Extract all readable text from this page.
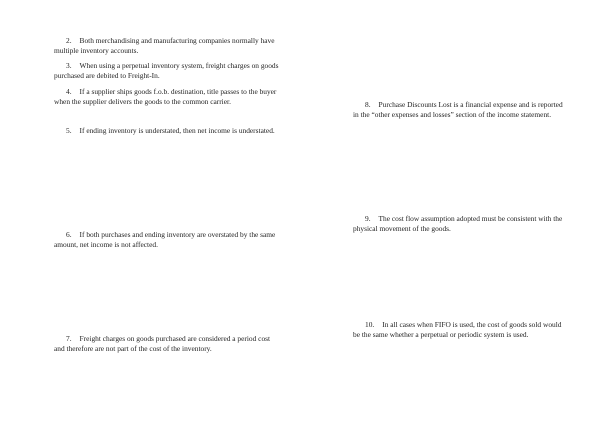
2. Both merchandising and manufacturing companies normally have multiple inventory accounts.

3. When using a perpetual inventory system, freight charges on goods purchased are debited to Freight-In.

4. If a supplier ships goods f.o.b. destination, title passes to the buyer when the supplier delivers the goods to the common carrier.

5. If ending inventory is understated, then net income is understated.

6. If both purchases and ending inventory are overstated by the same amount, net income is not affected.

7. Freight charges on goods purchased are considered a period cost and therefore are not part of the cost of the inventory.

8. Purchase Discounts Lost is a financial expense and is reported in the “other expenses and losses” section of the income statement.

9. The cost flow assumption adopted must be consistent with the physical movement of the goods.

10. In all cases when FIFO is used, the cost of goods sold would be the same whether a perpetual or periodic system is used.
